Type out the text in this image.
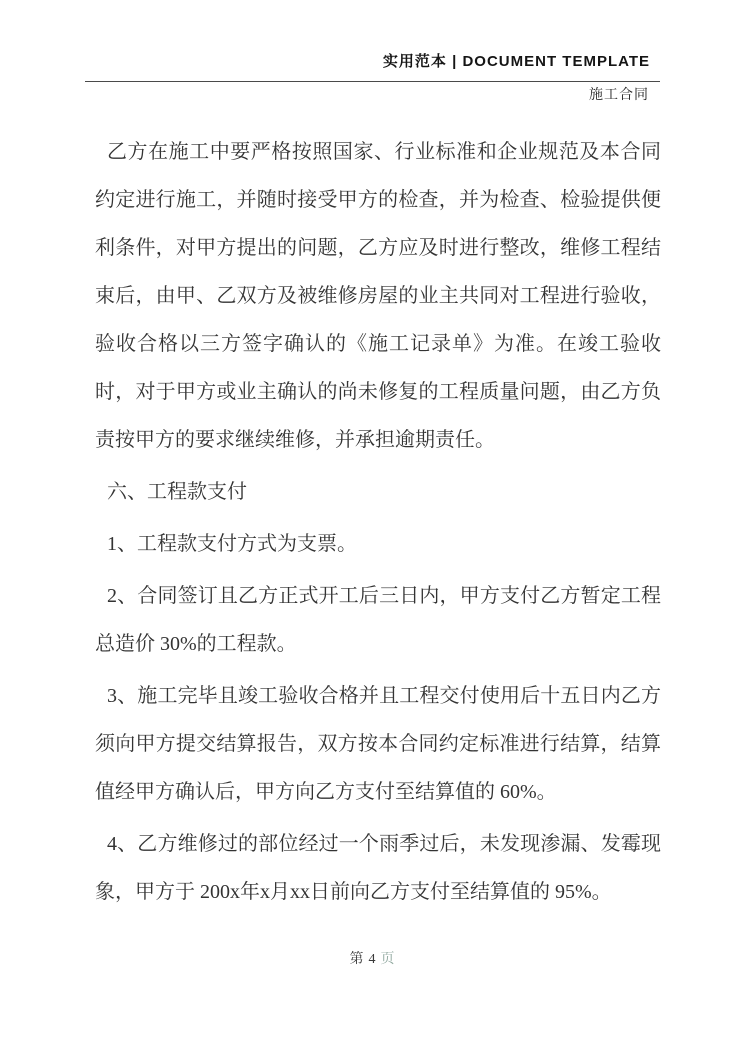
实用范本 | DOCUMENT TEMPLATE
施工合同

乙方在施工中要严格按照国家、行业标准和企业规范及本合同约定进行施工，并随时接受甲方的检查，并为检查、检验提供便利条件，对甲方提出的问题，乙方应及时进行整改，维修工程结束后，由甲、乙双方及被维修房屋的业主共同对工程进行验收，验收合格以三方签字确认的《施工记录单》为准。在竣工验收时，对于甲方或业主确认的尚未修复的工程质量问题，由乙方负责按甲方的要求继续维修，并承担逾期责任。

六、工程款支付

1、工程款支付方式为支票。

2、合同签订且乙方正式开工后三日内，甲方支付乙方暂定工程总造价 30%的工程款。

3、施工完毕且竣工验收合格并且工程交付使用后十五日内乙方须向甲方提交结算报告，双方按本合同约定标准进行结算，结算值经甲方确认后，甲方向乙方支付至结算值的 60%。

4、乙方维修过的部位经过一个雨季过后，未发现渗漏、发霉现象，甲方于 200x年x月xx日前向乙方支付至结算值的 95%。

第 4 页
